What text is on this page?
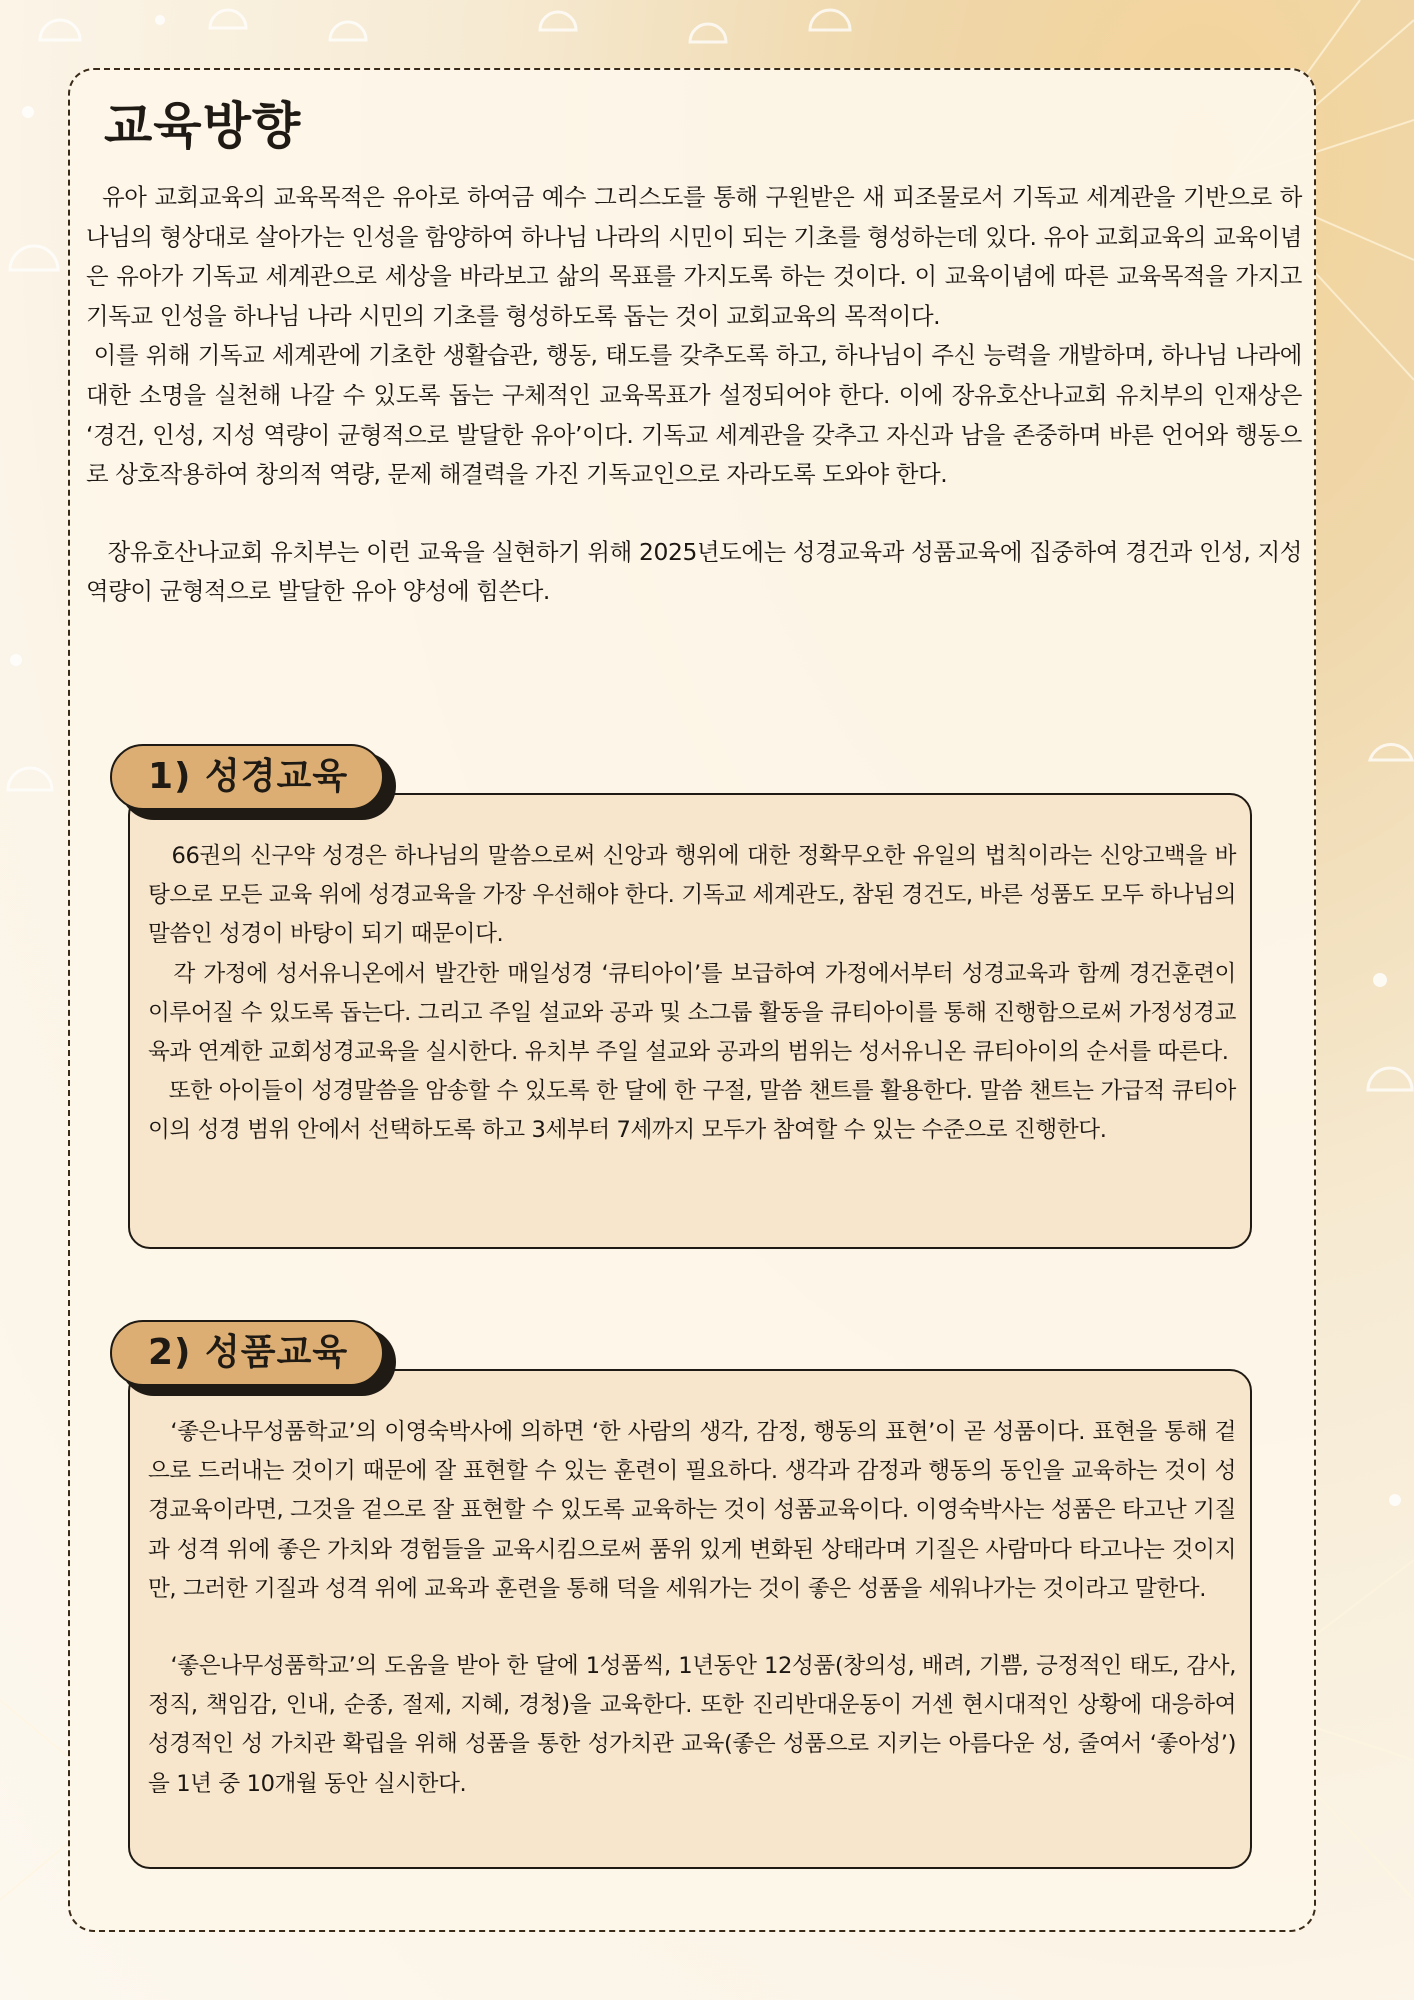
교육방향

유아 교회교육의 교육목적은 유아로 하여금 예수 그리스도를 통해 구원받은 새 피조물로서 기독교 세계관을 기반으로 하나님의 형상대로 살아가는 인성을 함양하여 하나님 나라의 시민이 되는 기초를 형성하는데 있다. 유아 교회교육의 교육이념은 유아가 기독교 세계관으로 세상을 바라보고 삶의 목표를 가지도록 하는 것이다. 이 교육이념에 따른 교육목적을 가지고 기독교 인성을 하나님 나라 시민의 기초를 형성하도록 돕는 것이 교회교육의 목적이다.

이를 위해 기독교 세계관에 기초한 생활습관, 행동, 태도를 갖추도록 하고, 하나님이 주신 능력을 개발하며, 하나님 나라에 대한 소명을 실천해 나갈 수 있도록 돕는 구체적인 교육목표가 설정되어야 한다. 이에 장유호산나교회 유치부의 인재상은 ‘경건, 인성, 지성 역량이 균형적으로 발달한 유아’이다. 기독교 세계관을 갖추고 자신과 남을 존중하며 바른 언어와 행동으로 상호작용하여 창의적 역량, 문제 해결력을 가진 기독교인으로 자라도록 도와야 한다.

장유호산나교회 유치부는 이런 교육을 실현하기 위해 2025년도에는 성경교육과 성품교육에 집중하여 경건과 인성, 지성 역량이 균형적으로 발달한 유아 양성에 힘쓴다.

66권의 신구약 성경은 하나님의 말씀으로써 신앙과 행위에 대한 정확무오한 유일의 법칙이라는 신앙고백을 바탕으로 모든 교육 위에 성경교육을 가장 우선해야 한다. 기독교 세계관도, 참된 경건도, 바른 성품도 모두 하나님의 말씀인 성경이 바탕이 되기 때문이다.

각 가정에 성서유니온에서 발간한 매일성경 ‘큐티아이’를 보급하여 가정에서부터 성경교육과 함께 경건훈련이 이루어질 수 있도록 돕는다. 그리고 주일 설교와 공과 및 소그룹 활동을 큐티아이를 통해 진행함으로써 가정성경교육과 연계한 교회성경교육을 실시한다. 유치부 주일 설교와 공과의 범위는 성서유니온 큐티아이의 순서를 따른다.

또한 아이들이 성경말씀을 암송할 수 있도록 한 달에 한 구절, 말씀 챈트를 활용한다. 말씀 챈트는 가급적 큐티아이의 성경 범위 안에서 선택하도록 하고 3세부터 7세까지 모두가 참여할 수 있는 수준으로 진행한다.

1) 성경교육

‘좋은나무성품학교’의 이영숙박사에 의하면 ‘한 사람의 생각, 감정, 행동의 표현’이 곧 성품이다. 표현을 통해 겉으로 드러내는 것이기 때문에 잘 표현할 수 있는 훈련이 필요하다. 생각과 감정과 행동의 동인을 교육하는 것이 성경교육이라면, 그것을 겉으로 잘 표현할 수 있도록 교육하는 것이 성품교육이다. 이영숙박사는 성품은 타고난 기질과 성격 위에 좋은 가치와 경험들을 교육시킴으로써 품위 있게 변화된 상태라며 기질은 사람마다 타고나는 것이지만, 그러한 기질과 성격 위에 교육과 훈련을 통해 덕을 세워가는 것이 좋은 성품을 세워나가는 것이라고 말한다.

‘좋은나무성품학교’의 도움을 받아 한 달에 1성품씩, 1년동안 12성품(창의성, 배려, 기쁨, 긍정적인 태도, 감사, 정직, 책임감, 인내, 순종, 절제, 지혜, 경청)을 교육한다. 또한 진리반대운동이 거센 현시대적인 상황에 대응하여 성경적인 성 가치관 확립을 위해 성품을 통한 성가치관 교육(좋은 성품으로 지키는 아름다운 성, 줄여서 ‘좋아성’)을 1년 중 10개월 동안 실시한다.

2) 성품교육
